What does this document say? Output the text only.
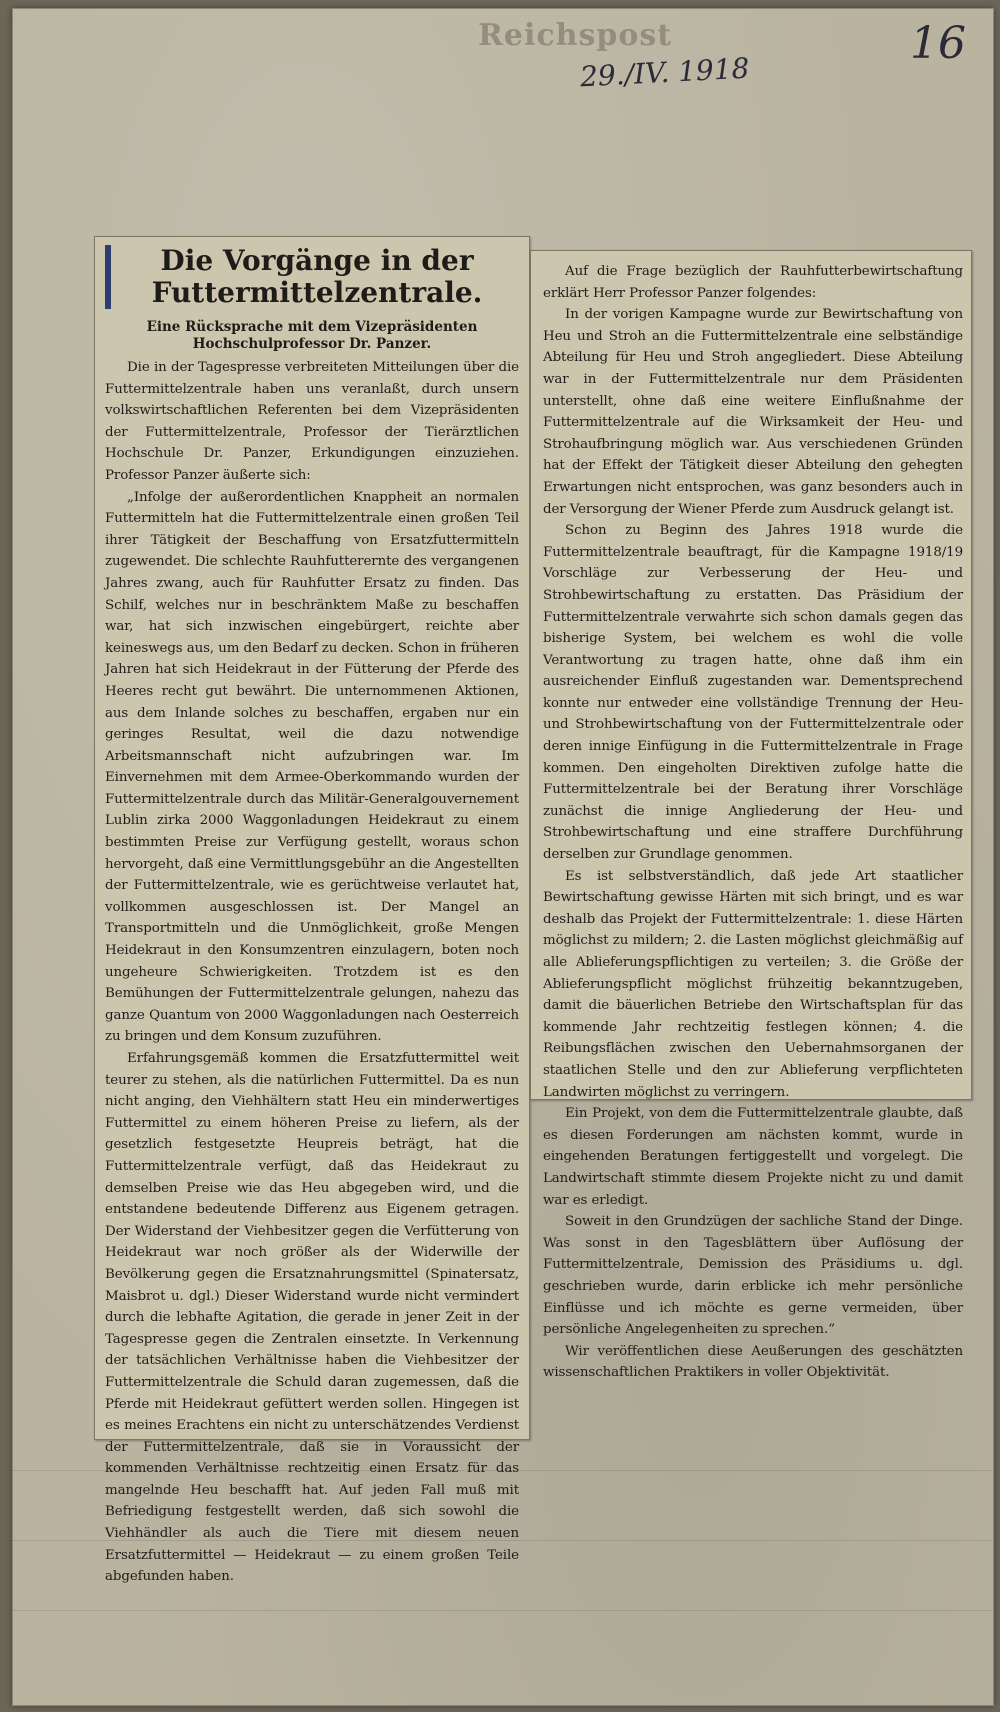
Reichspost
29./IV. 1918
16
Die Vorgänge in der Futtermittelzentrale.
Eine Rücksprache mit dem Vizepräsidenten Hochschulprofessor Dr. Panzer.

Die in der Tagespresse verbreiteten Mitteilungen über die Futtermittelzentrale haben uns veranlaßt, durch unsern volkswirtschaftlichen Referenten bei dem Vizepräsidenten der Futtermittelzentrale, Professor der Tierärztlichen Hochschule Dr. Panzer, Erkundigungen einzuziehen. Professor Panzer äußerte sich:

„Infolge der außerordentlichen Knappheit an normalen Futtermitteln hat die Futtermittelzentrale einen großen Teil ihrer Tätigkeit der Beschaffung von Ersatzfuttermitteln zugewendet. Die schlechte Rauhfutterernte des vergangenen Jahres zwang, auch für Rauhfutter Ersatz zu finden. Das Schilf, welches nur in beschränktem Maße zu beschaffen war, hat sich inzwischen eingebürgert, reichte aber keineswegs aus, um den Bedarf zu decken. Schon in früheren Jahren hat sich Heidekraut in der Fütterung der Pferde des Heeres recht gut bewährt. Die unternommenen Aktionen, aus dem Inlande solches zu beschaffen, ergaben nur ein geringes Resultat, weil die dazu notwendige Arbeitsmannschaft nicht aufzubringen war. Im Einvernehmen mit dem Armee-Oberkommando wurden der Futtermittelzentrale durch das Militär-Generalgouvernement Lublin zirka 2000 Waggonladungen Heidekraut zu einem bestimmten Preise zur Verfügung gestellt, woraus schon hervorgeht, daß eine Vermittlungsgebühr an die Angestellten der Futtermittelzentrale, wie es gerüchtweise verlautet hat, vollkommen ausgeschlossen ist. Der Mangel an Transportmitteln und die Unmöglichkeit, große Mengen Heidekraut in den Konsumzentren einzulagern, boten noch ungeheure Schwierigkeiten. Trotzdem ist es den Bemühungen der Futtermittelzentrale gelungen, nahezu das ganze Quantum von 2000 Waggonladungen nach Oesterreich zu bringen und dem Konsum zuzuführen.

Erfahrungsgemäß kommen die Ersatzfuttermittel weit teurer zu stehen, als die natürlichen Futtermittel. Da es nun nicht anging, den Viehhältern statt Heu ein minderwertiges Futtermittel zu einem höheren Preise zu liefern, als der gesetzlich festgesetzte Heupreis beträgt, hat die Futtermittelzentrale verfügt, daß das Heidekraut zu demselben Preise wie das Heu abgegeben wird, und die entstandene bedeutende Differenz aus Eigenem getragen. Der Widerstand der Viehbesitzer gegen die Verfütterung von Heidekraut war noch größer als der Widerwille der Bevölkerung gegen die Ersatznahrungsmittel (Spinatersatz, Maisbrot u. dgl.) Dieser Widerstand wurde nicht vermindert durch die lebhafte Agitation, die gerade in jener Zeit in der Tagespresse gegen die Zentralen einsetzte. In Verkennung der tatsächlichen Verhältnisse haben die Viehbesitzer der Futtermittelzentrale die Schuld daran zugemessen, daß die Pferde mit Heidekraut gefüttert werden sollen. Hingegen ist es meines Erachtens ein nicht zu unterschätzendes Verdienst der Futtermittelzentrale, daß sie in Voraussicht der kommenden Verhältnisse rechtzeitig einen Ersatz für das mangelnde Heu beschafft hat. Auf jeden Fall muß mit Befriedigung festgestellt werden, daß sich sowohl die Viehhändler als auch die Tiere mit diesem neuen Ersatzfuttermittel — Heidekraut — zu einem großen Teile abgefunden haben.

Auf die Frage bezüglich der Rauhfutterbewirtschaftung erklärt Herr Professor Panzer folgendes:

In der vorigen Kampagne wurde zur Bewirtschaftung von Heu und Stroh an die Futtermittelzentrale eine selbständige Abteilung für Heu und Stroh angegliedert. Diese Abteilung war in der Futtermittelzentrale nur dem Präsidenten unterstellt, ohne daß eine weitere Einflußnahme der Futtermittelzentrale auf die Wirksamkeit der Heu- und Strohaufbringung möglich war. Aus verschiedenen Gründen hat der Effekt der Tätigkeit dieser Abteilung den gehegten Erwartungen nicht entsprochen, was ganz besonders auch in der Versorgung der Wiener Pferde zum Ausdruck gelangt ist.

Schon zu Beginn des Jahres 1918 wurde die Futtermittelzentrale beauftragt, für die Kampagne 1918/19 Vorschläge zur Verbesserung der Heu- und Strohbewirtschaftung zu erstatten. Das Präsidium der Futtermittelzentrale verwahrte sich schon damals gegen das bisherige System, bei welchem es wohl die volle Verantwortung zu tragen hatte, ohne daß ihm ein ausreichender Einfluß zugestanden war. Dementsprechend konnte nur entweder eine vollständige Trennung der Heu- und Strohbewirtschaftung von der Futtermittelzentrale oder deren innige Einfügung in die Futtermittelzentrale in Frage kommen. Den eingeholten Direktiven zufolge hatte die Futtermittelzentrale bei der Beratung ihrer Vorschläge zunächst die innige Angliederung der Heu- und Strohbewirtschaftung und eine straffere Durchführung derselben zur Grundlage genommen.

Es ist selbstverständlich, daß jede Art staatlicher Bewirtschaftung gewisse Härten mit sich bringt, und es war deshalb das Projekt der Futtermittelzentrale: 1. diese Härten möglichst zu mildern; 2. die Lasten möglichst gleichmäßig auf alle Ablieferungspflichtigen zu verteilen; 3. die Größe der Ablieferungspflicht möglichst frühzeitig bekanntzugeben, damit die bäuerlichen Betriebe den Wirtschaftsplan für das kommende Jahr rechtzeitig festlegen können; 4. die Reibungsflächen zwischen den Uebernahmsorganen der staatlichen Stelle und den zur Ablieferung verpflichteten Landwirten möglichst zu verringern.

Ein Projekt, von dem die Futtermittelzentrale glaubte, daß es diesen Forderungen am nächsten kommt, wurde in eingehenden Beratungen fertiggestellt und vorgelegt. Die Landwirtschaft stimmte diesem Projekte nicht zu und damit war es erledigt.

Soweit in den Grundzügen der sachliche Stand der Dinge. Was sonst in den Tagesblättern über Auflösung der Futtermittelzentrale, Demission des Präsidiums u. dgl. geschrieben wurde, darin erblicke ich mehr persönliche Einflüsse und ich möchte es gerne vermeiden, über persönliche Angelegenheiten zu sprechen.“

Wir veröffentlichen diese Aeußerungen des geschätzten wissenschaftlichen Praktikers in voller Objektivität.
